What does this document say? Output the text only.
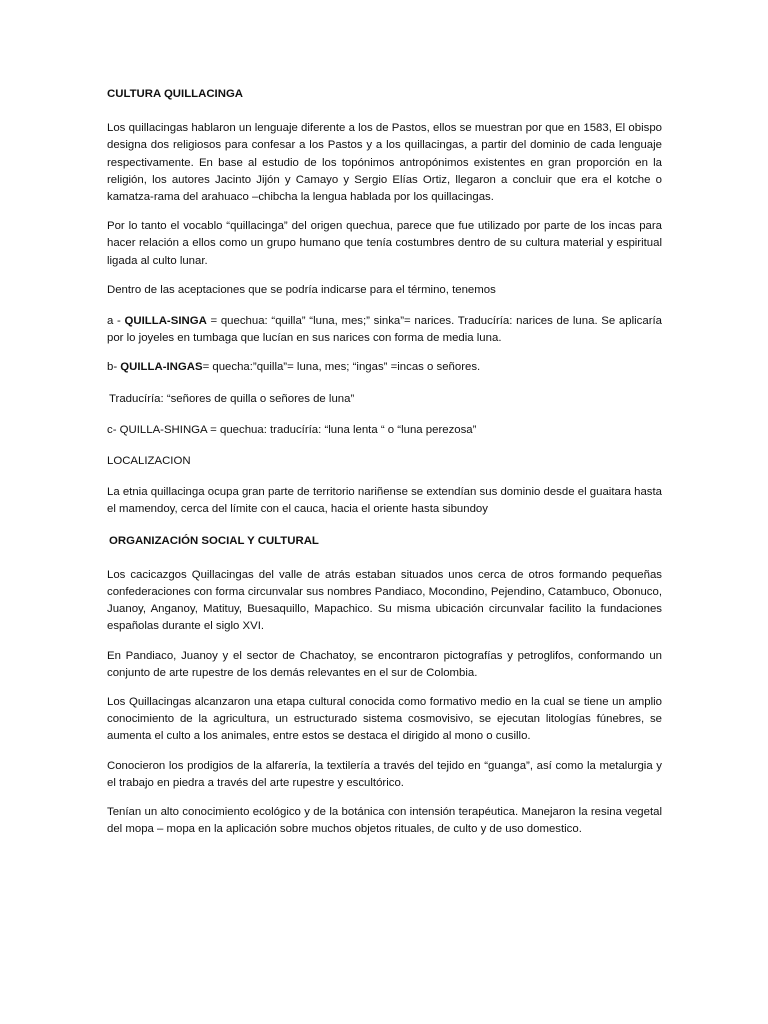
CULTURA QUILLACINGA

Los quillacingas hablaron un lenguaje diferente a los de Pastos, ellos se muestran por que en 1583, El obispo designa dos religiosos para confesar a los Pastos y a los quillacingas, a partir del dominio de cada lenguaje respectivamente. En base al estudio de los topónimos antropónimos existentes en gran proporción en la religión, los autores Jacinto Jijón y Camayo y Sergio Elías Ortiz, llegaron a concluir que era el kotche o kamatza-rama del arahuaco –chibcha la lengua hablada por los quillacingas.

Por lo tanto el vocablo “quillacinga” del origen quechua, parece que fue utilizado por parte de los incas para hacer relación a ellos como un grupo humano que tenía costumbres dentro de su cultura material y espiritual ligada al culto lunar.

Dentro de las aceptaciones que se podría indicarse para el término, tenemos

a - QUILLA-SINGA = quechua: “quilla” “luna, mes;” sinka”= narices. Traducíría: narices de luna. Se aplicaría por lo joyeles en tumbaga que lucían en sus narices con forma de media luna.

b- QUILLA-INGAS= quecha:”quilla”= luna, mes; “ingas” =incas o señores.

Traducíría: “señores de quilla o señores de luna”

c- QUILLA-SHINGA = quechua: traducíría: “luna lenta “ o “luna perezosa”

LOCALIZACION

La etnia quillacinga ocupa gran parte de territorio nariñense se extendían sus dominio desde el guaitara hasta el mamendoy, cerca del límite con el cauca, hacia el oriente hasta sibundoy

ORGANIZACIÓN SOCIAL Y CULTURAL

Los cacicazgos Quillacingas del valle de atrás estaban situados unos cerca de otros formando pequeñas confederaciones con forma circunvalar sus nombres Pandiaco, Mocondino, Pejendino, Catambuco, Obonuco, Juanoy, Anganoy, Matituy, Buesaquillo, Mapachico. Su misma ubicación circunvalar facilito la fundaciones españolas durante el siglo XVI.

En Pandiaco, Juanoy y el sector de Chachatoy, se encontraron pictografías y petroglifos, conformando un conjunto de arte rupestre de los demás relevantes en el sur de Colombia.

Los Quillacingas alcanzaron una etapa cultural conocida como formativo medio en la cual se tiene un amplio conocimiento de la agricultura, un estructurado sistema cosmovisivo, se ejecutan litologías fúnebres, se aumenta el culto a los animales, entre estos se destaca el dirigido al mono o cusillo.

Conocieron los prodigios de la alfarería, la textilería a través del tejido en “guanga”, así como la metalurgia y el trabajo en piedra a través del arte rupestre y escultórico.

Tenían un alto conocimiento ecológico y de la botánica con intensión terapéutica. Manejaron la resina vegetal del mopa – mopa en la aplicación sobre muchos objetos rituales, de culto y de uso domestico.
